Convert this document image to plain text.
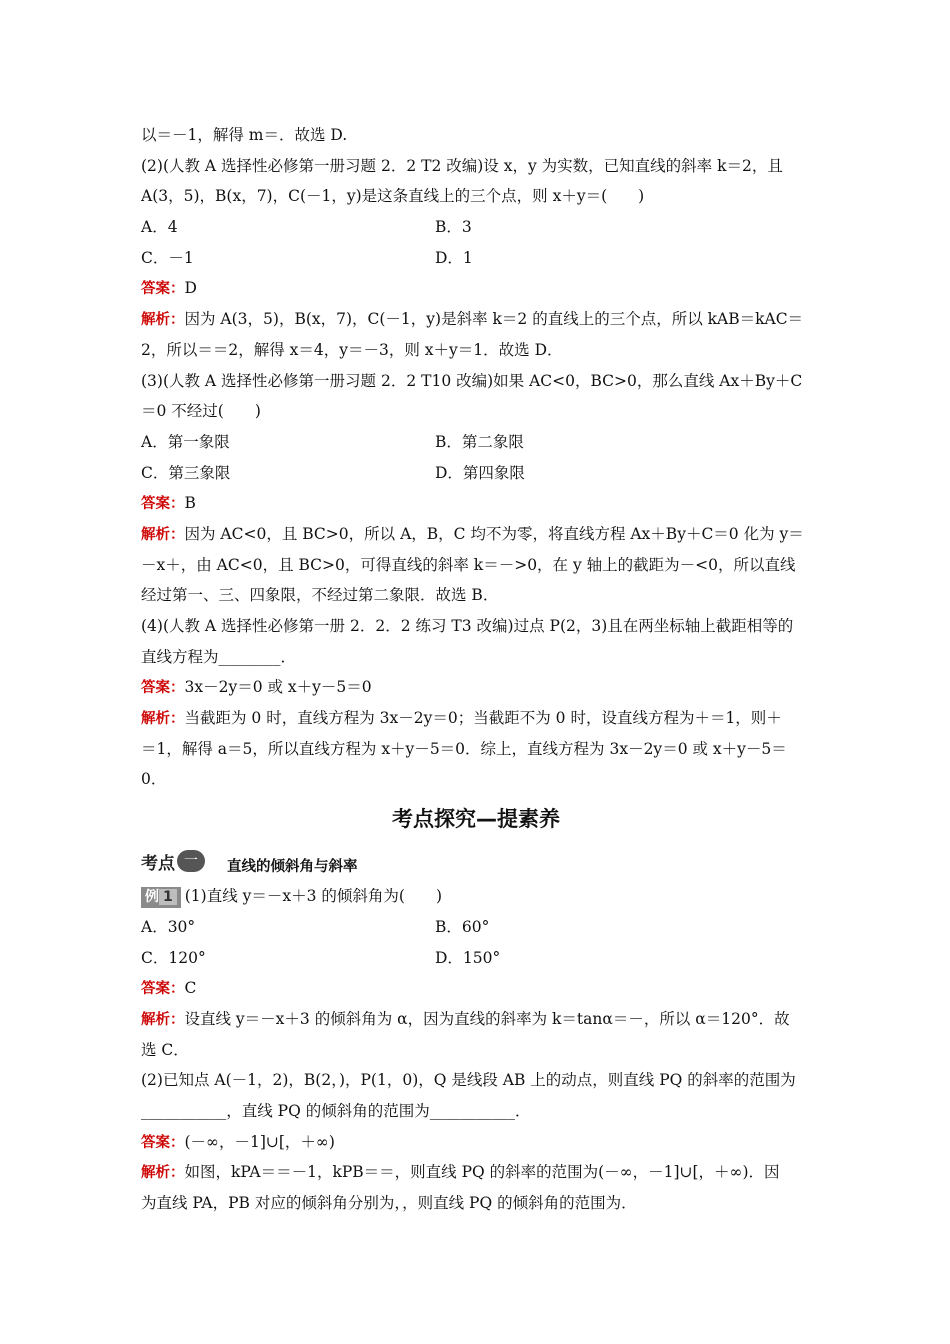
以＝－1，解得 m＝．故选 D.
(2)(人教 A 选择性必修第一册习题 2．2 T2 改编)设 x，y 为实数，已知直线的斜率 k＝2，且
A(3，5)，B(x，7)，C(－1，y)是这条直线上的三个点，则 x＋y＝(　　)
A．4	B．3
C．－1	D．1
答案：D
解析：因为 A(3，5)，B(x，7)，C(－1，y)是斜率 k＝2 的直线上的三个点，所以 kAB＝kAC＝
2，所以＝＝2，解得 x＝4，y＝－3，则 x＋y＝1．故选 D．
(3)(人教 A 选择性必修第一册习题 2．2 T10 改编)如果 AC<0，BC>0，那么直线 Ax＋By＋C
＝0 不经过(　　)
A．第一象限	B．第二象限
C．第三象限	D．第四象限
答案：B
解析：因为 AC<0，且 BC>0，所以 A，B，C 均不为零，将直线方程 Ax＋By＋C＝0 化为 y＝
－x＋，由 AC<0，且 BC>0，可得直线的斜率 k＝－>0，在 y 轴上的截距为－<0，所以直线
经过第一、三、四象限，不经过第二象限．故选 B．
(4)(人教 A 选择性必修第一册 2．2．2 练习 T3 改编)过点 P(2，3)且在两坐标轴上截距相等的
直线方程为________．
答案：3x－2y＝0 或 x＋y－5＝0
解析：当截距为 0 时，直线方程为 3x－2y＝0；当截距不为 0 时，设直线方程为＋＝1，则＋
＝1，解得 a＝5，所以直线方程为 x＋y－5＝0．综上，直线方程为 3x－2y＝0 或 x＋y－5＝
0．
考点探究—提素养
考点 一	直线的倾斜角与斜率
例 1 (1)直线 y＝－x＋3 的倾斜角为(　　)
A．30°	B．60°
C．120°	D．150°
答案：C
解析：设直线 y＝－x＋3 的倾斜角为 α，因为直线的斜率为 k＝tanα＝－，所以 α＝120°．故
选 C．
(2)已知点 A(－1，2)，B(2，)，P(1，0)，Q 是线段 AB 上的动点，则直线 PQ 的斜率的范围为
___________，直线 PQ 的倾斜角的范围为___________．
答案：(－∞，－1]∪[，＋∞)
解析：如图，kPA＝＝－1，kPB＝＝，则直线 PQ 的斜率的范围为(－∞，－1]∪[，＋∞)．因
为直线 PA，PB 对应的倾斜角分别为，，则直线 PQ 的倾斜角的范围为．
